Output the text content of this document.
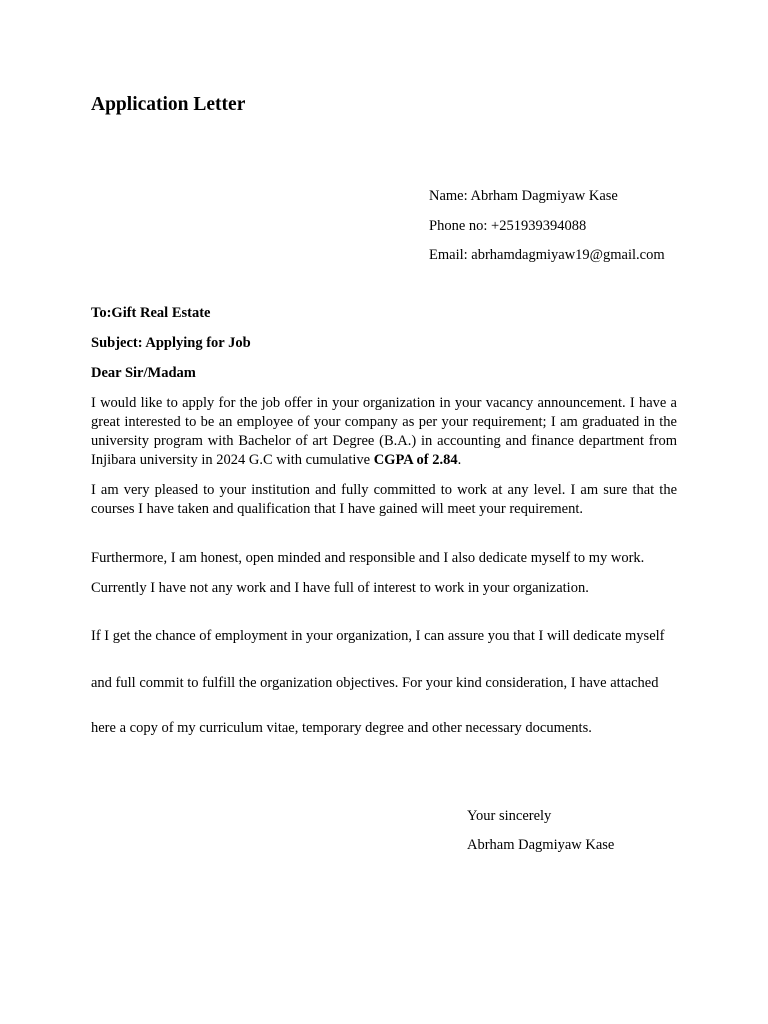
Application Letter
Name: Abrham Dagmiyaw Kase
Phone no: +251939394088
Email: abrhamdagmiyaw19@gmail.com
To:Gift Real Estate
Subject: Applying for Job
Dear Sir/Madam

I would like to apply for the job offer in your organization in your vacancy announcement. I have a great interested to be an employee of your company as per your requirement; I am graduated in the university program with Bachelor of art Degree (B.A.) in accounting and finance department from Injibara university in 2024 G.C with cumulative CGPA of 2.84.

I am very pleased to your institution and fully committed to work at any level. I am sure that the courses I have taken and qualification that I have gained will meet your requirement.

Furthermore, I am honest, open minded and responsible and I also dedicate myself to my work.

Currently I have not any work and I have full of interest to work in your organization.

If I get the chance of employment in your organization, I can assure you that I will dedicate myself

and full commit to fulfill the organization objectives. For your kind consideration, I have attached

here a copy of my curriculum vitae, temporary degree and other necessary documents.

Your sincerely
Abrham Dagmiyaw Kase
